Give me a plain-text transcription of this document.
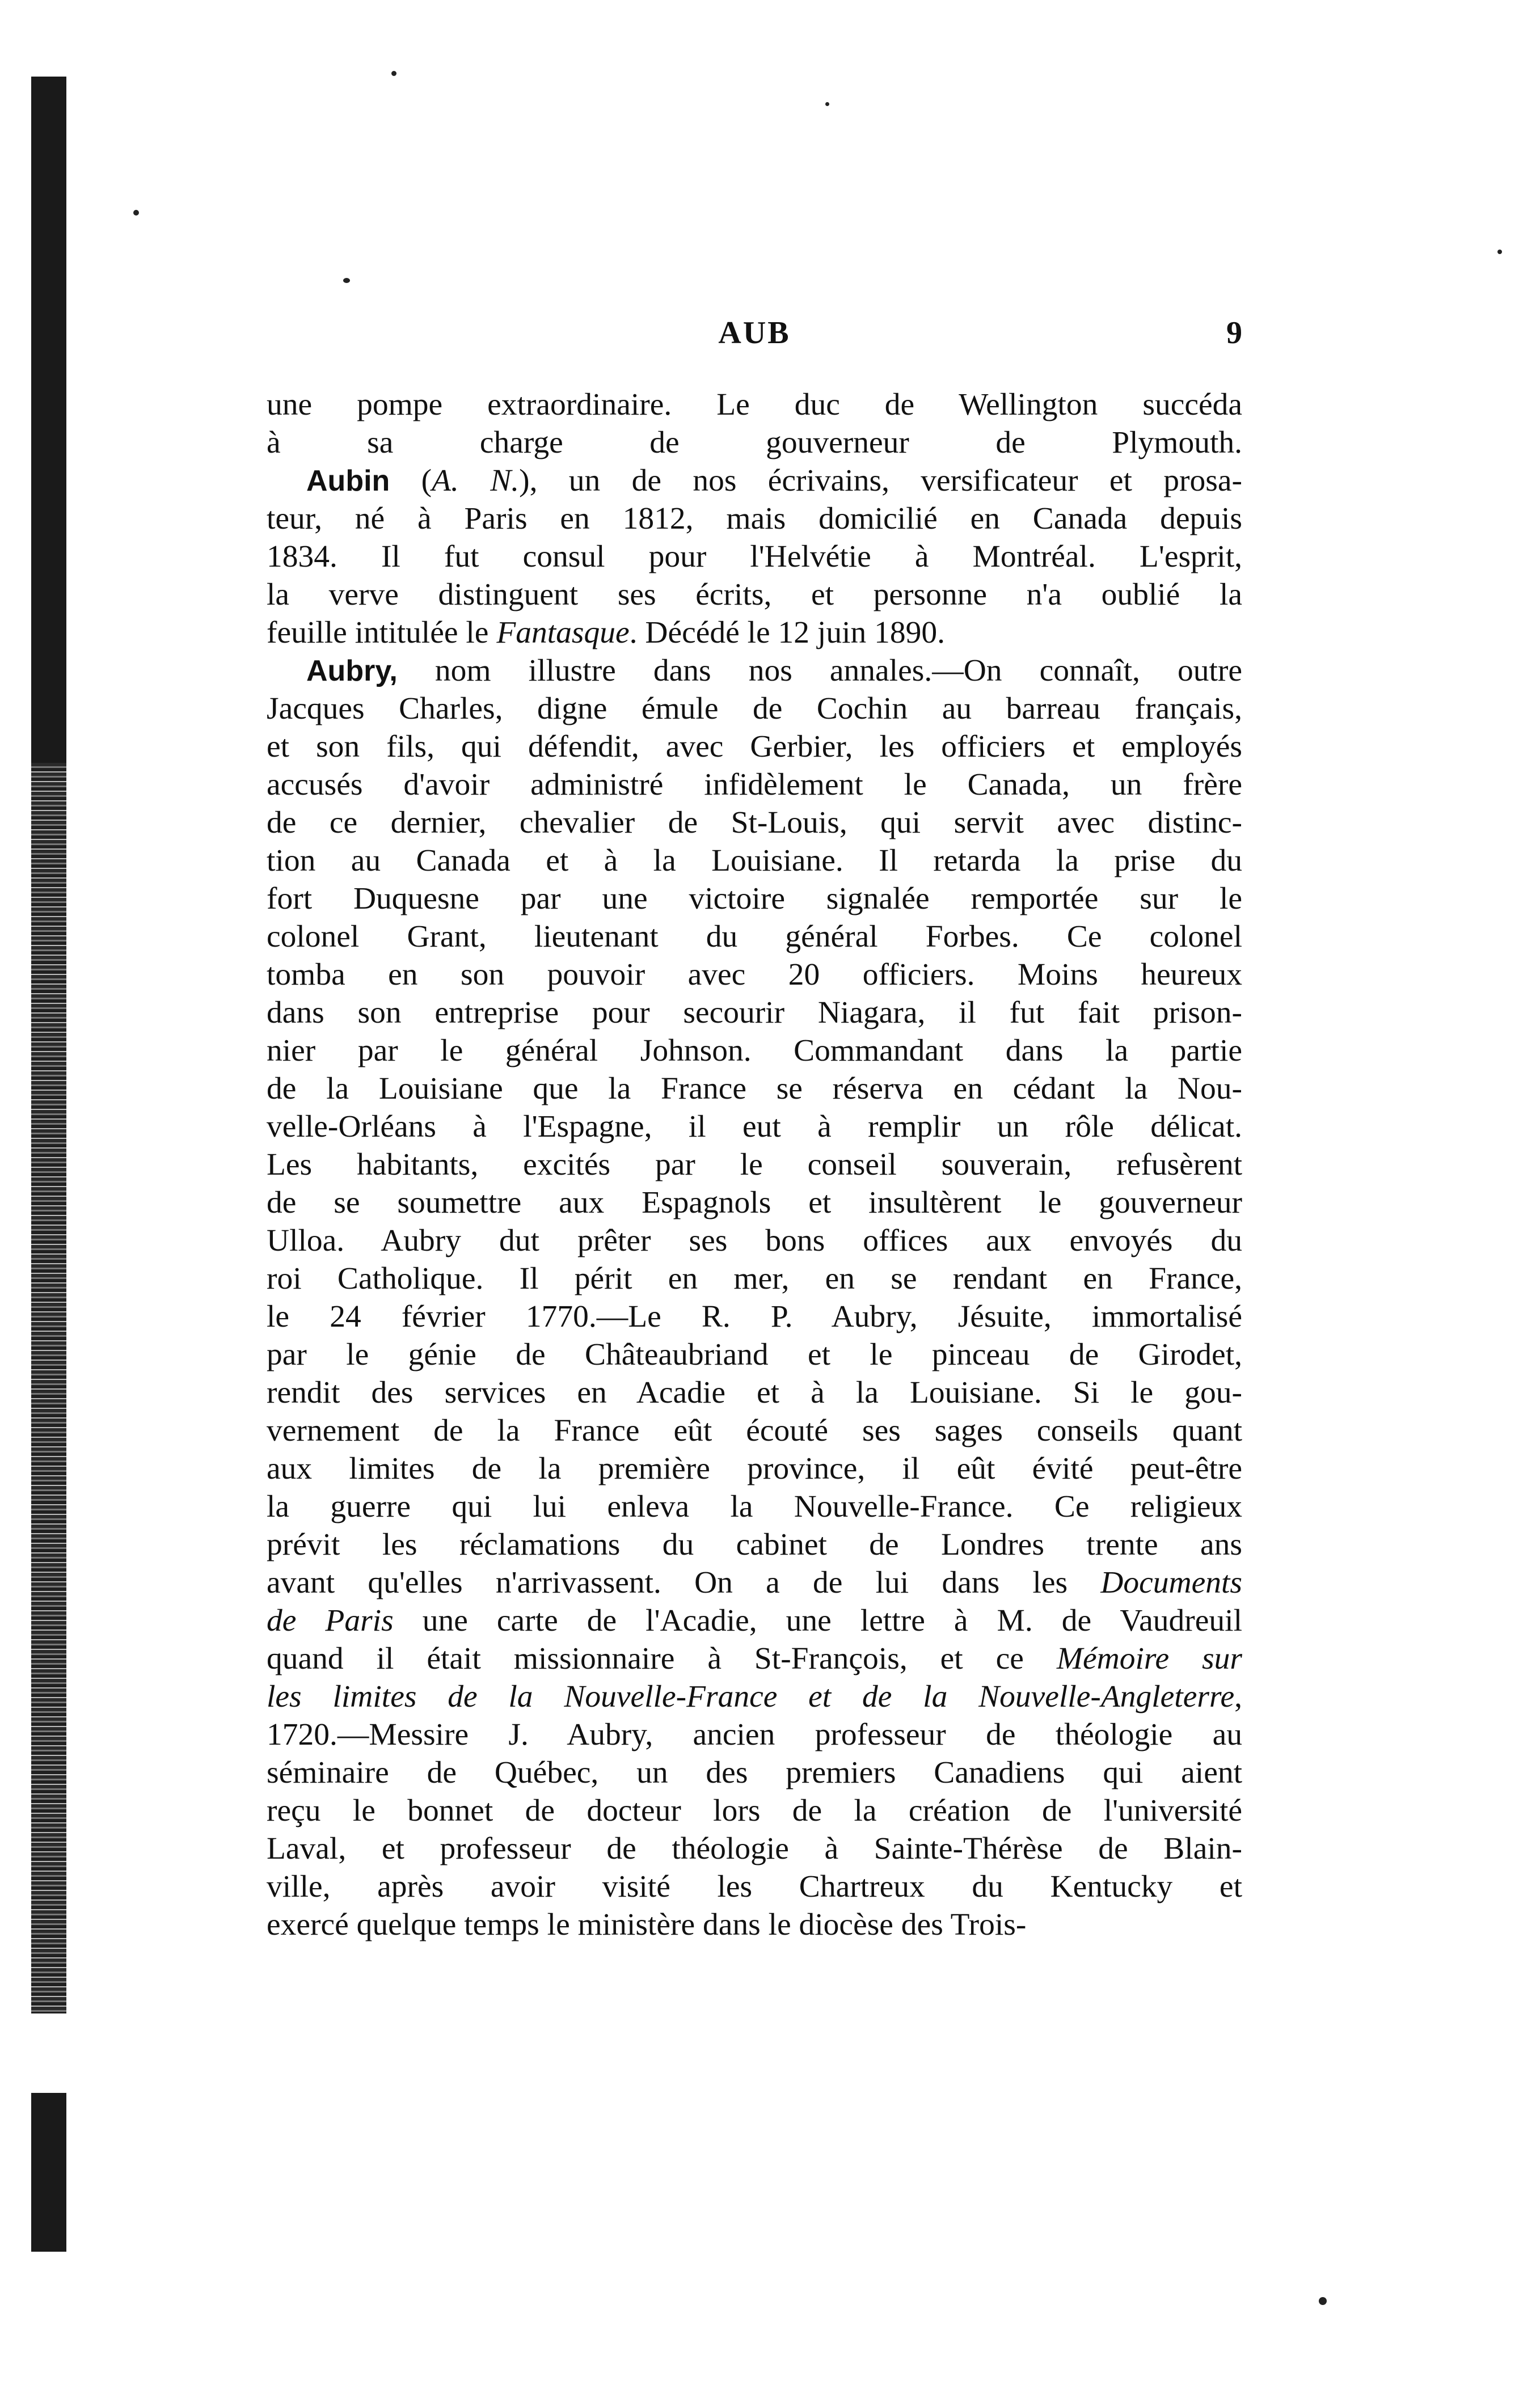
AUB	9
une pompe extraordinaire. Le duc de Wellington succéda
à sa charge de gouverneur de Plymouth.
Aubin (A. N.), un de nos écrivains, versificateur et prosa-
teur, né à Paris en 1812, mais domicilié en Canada depuis
1834. Il fut consul pour l'Helvétie à Montréal. L'esprit,
la verve distinguent ses écrits, et personne n'a oublié la
feuille intitulée le Fantasque. Décédé le 12 juin 1890.
Aubry, nom illustre dans nos annales.—On connaît, outre
Jacques Charles, digne émule de Cochin au barreau français,
et son fils, qui défendit, avec Gerbier, les officiers et employés
accusés d'avoir administré infidèlement le Canada, un frère
de ce dernier, chevalier de St-Louis, qui servit avec distinc-
tion au Canada et à la Louisiane. Il retarda la prise du
fort Duquesne par une victoire signalée remportée sur le
colonel Grant, lieutenant du général Forbes. Ce colonel
tomba en son pouvoir avec 20 officiers. Moins heureux
dans son entreprise pour secourir Niagara, il fut fait prison-
nier par le général Johnson. Commandant dans la partie
de la Louisiane que la France se réserva en cédant la Nou-
velle-Orléans à l'Espagne, il eut à remplir un rôle délicat.
Les habitants, excités par le conseil souverain, refusèrent
de se soumettre aux Espagnols et insultèrent le gouverneur
Ulloa. Aubry dut prêter ses bons offices aux envoyés du
roi Catholique. Il périt en mer, en se rendant en France,
le 24 février 1770.—Le R. P. Aubry, Jésuite, immortalisé
par le génie de Châteaubriand et le pinceau de Girodet,
rendit des services en Acadie et à la Louisiane. Si le gou-
vernement de la France eût écouté ses sages conseils quant
aux limites de la première province, il eût évité peut-être
la guerre qui lui enleva la Nouvelle-France. Ce religieux
prévit les réclamations du cabinet de Londres trente ans
avant qu'elles n'arrivassent. On a de lui dans les Documents
de Paris une carte de l'Acadie, une lettre à M. de Vaudreuil
quand il était missionnaire à St-François, et ce Mémoire sur
les limites de la Nouvelle-France et de la Nouvelle-Angleterre,
1720.—Messire J. Aubry, ancien professeur de théologie au
séminaire de Québec, un des premiers Canadiens qui aient
reçu le bonnet de docteur lors de la création de l'université
Laval, et professeur de théologie à Sainte-Thérèse de Blain-
ville, après avoir visité les Chartreux du Kentucky et
exercé quelque temps le ministère dans le diocèse des Trois-
